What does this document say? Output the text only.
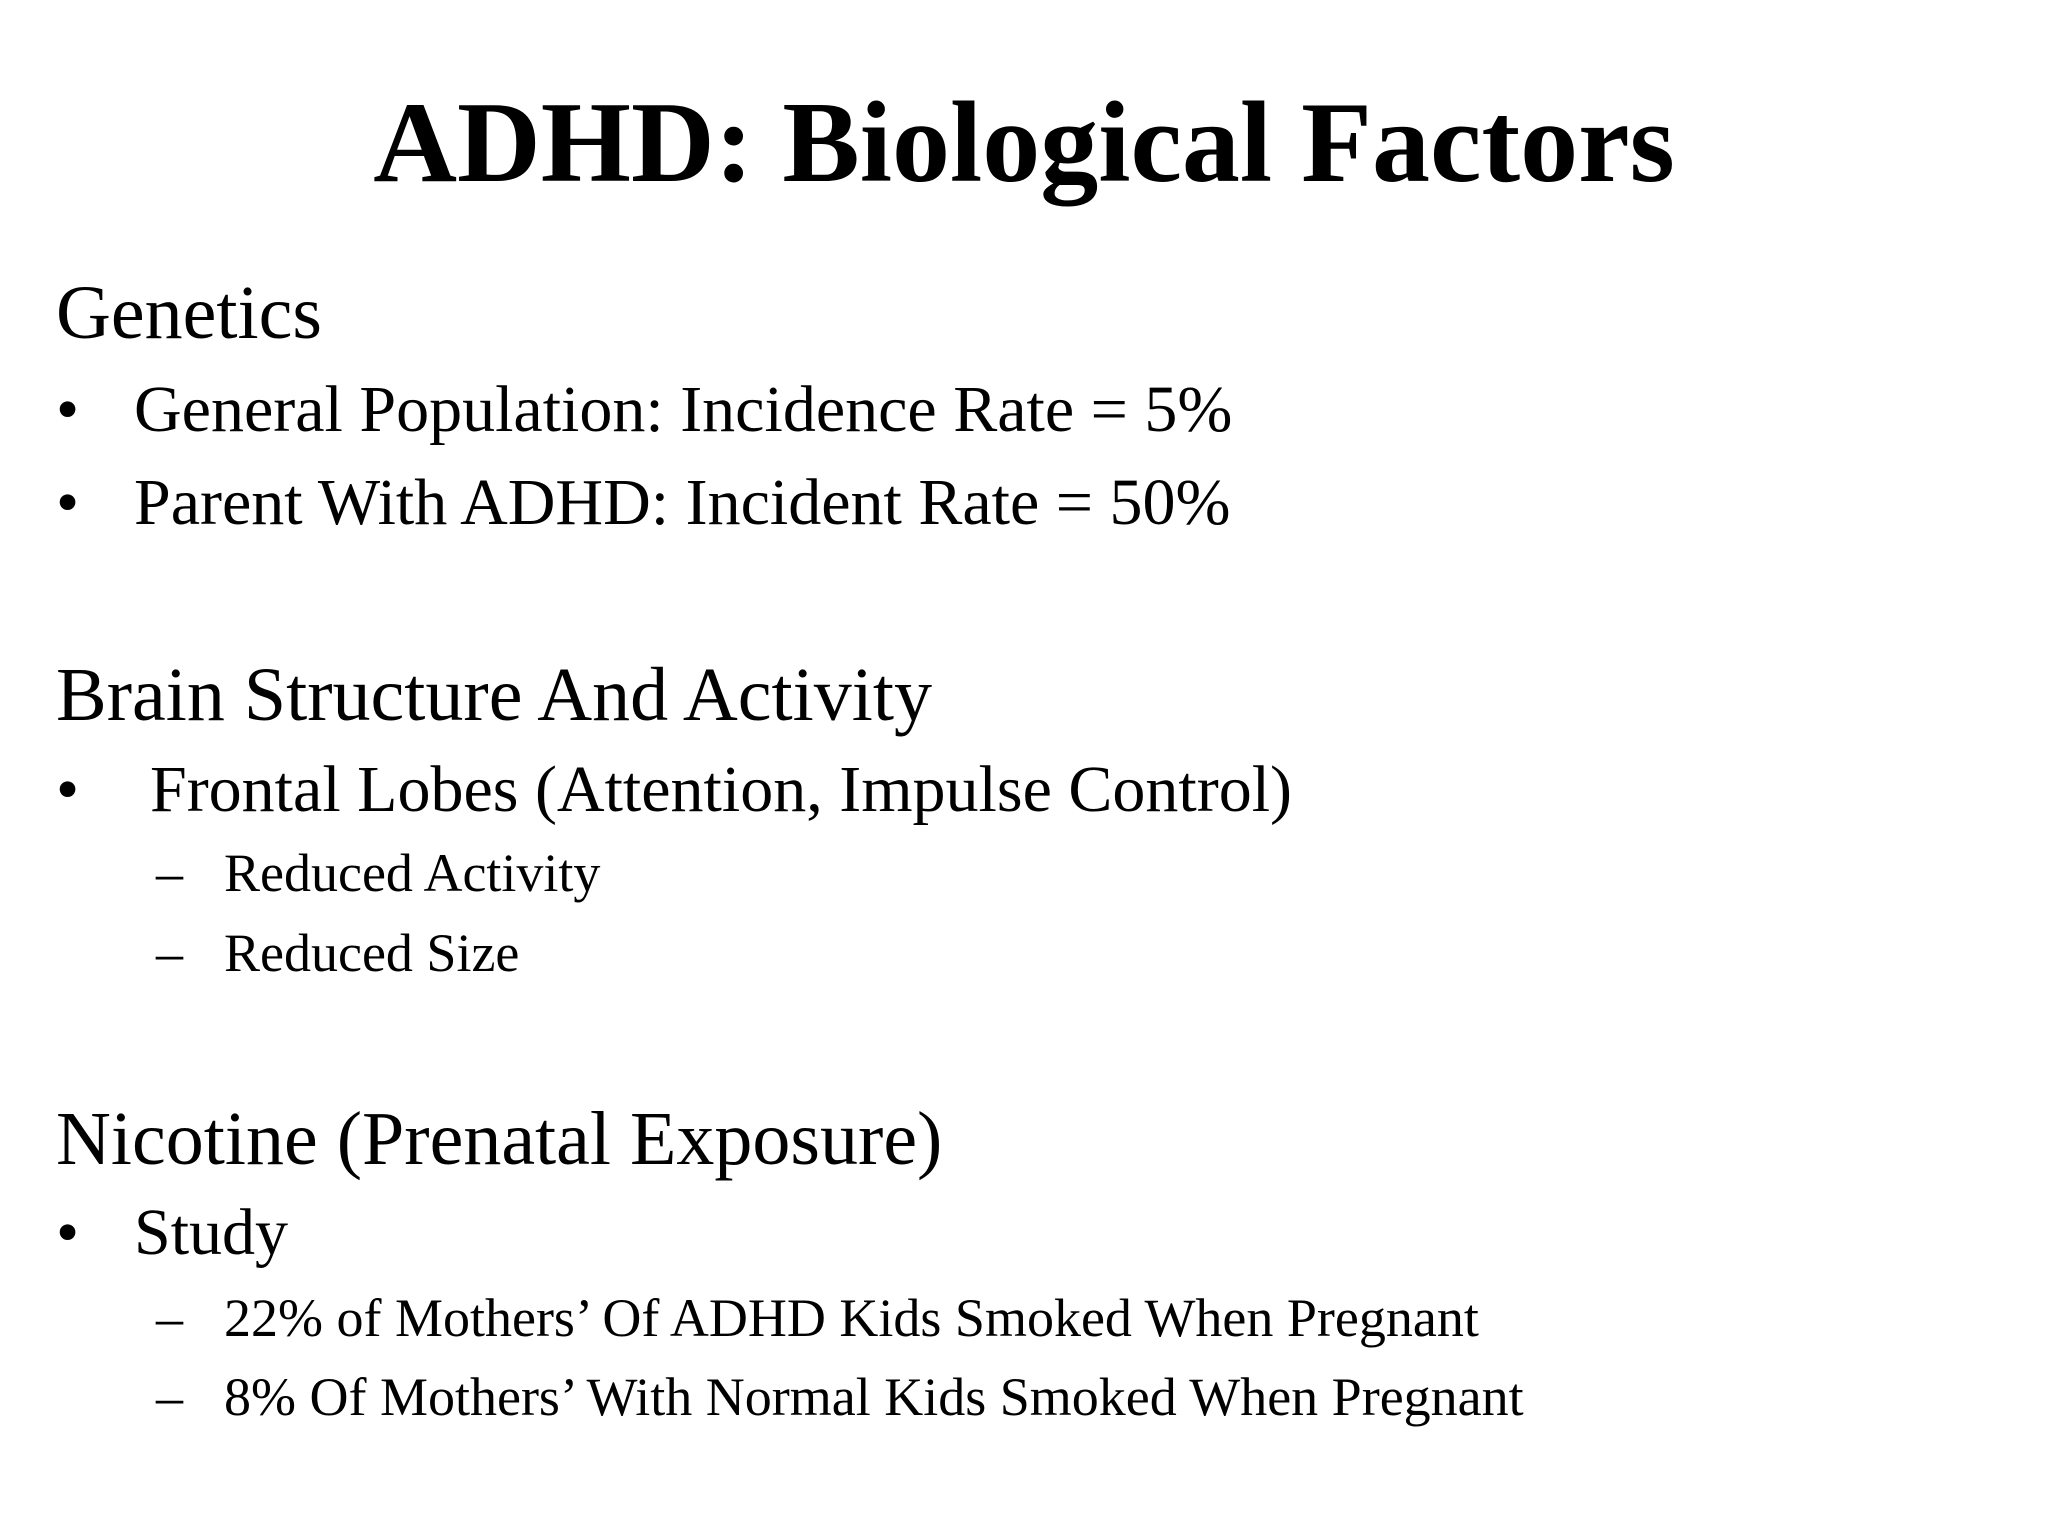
ADHD: Biological Factors
Genetics
• General Population: Incidence Rate = 5%
• Parent With ADHD: Incident Rate = 50%
Brain Structure And Activity
• Frontal Lobes (Attention, Impulse Control)
– Reduced Activity
– Reduced Size
Nicotine (Prenatal Exposure)
• Study
– 22% of Mothers’ Of ADHD Kids Smoked When Pregnant
– 8% Of Mothers’ With Normal Kids Smoked When Pregnant
